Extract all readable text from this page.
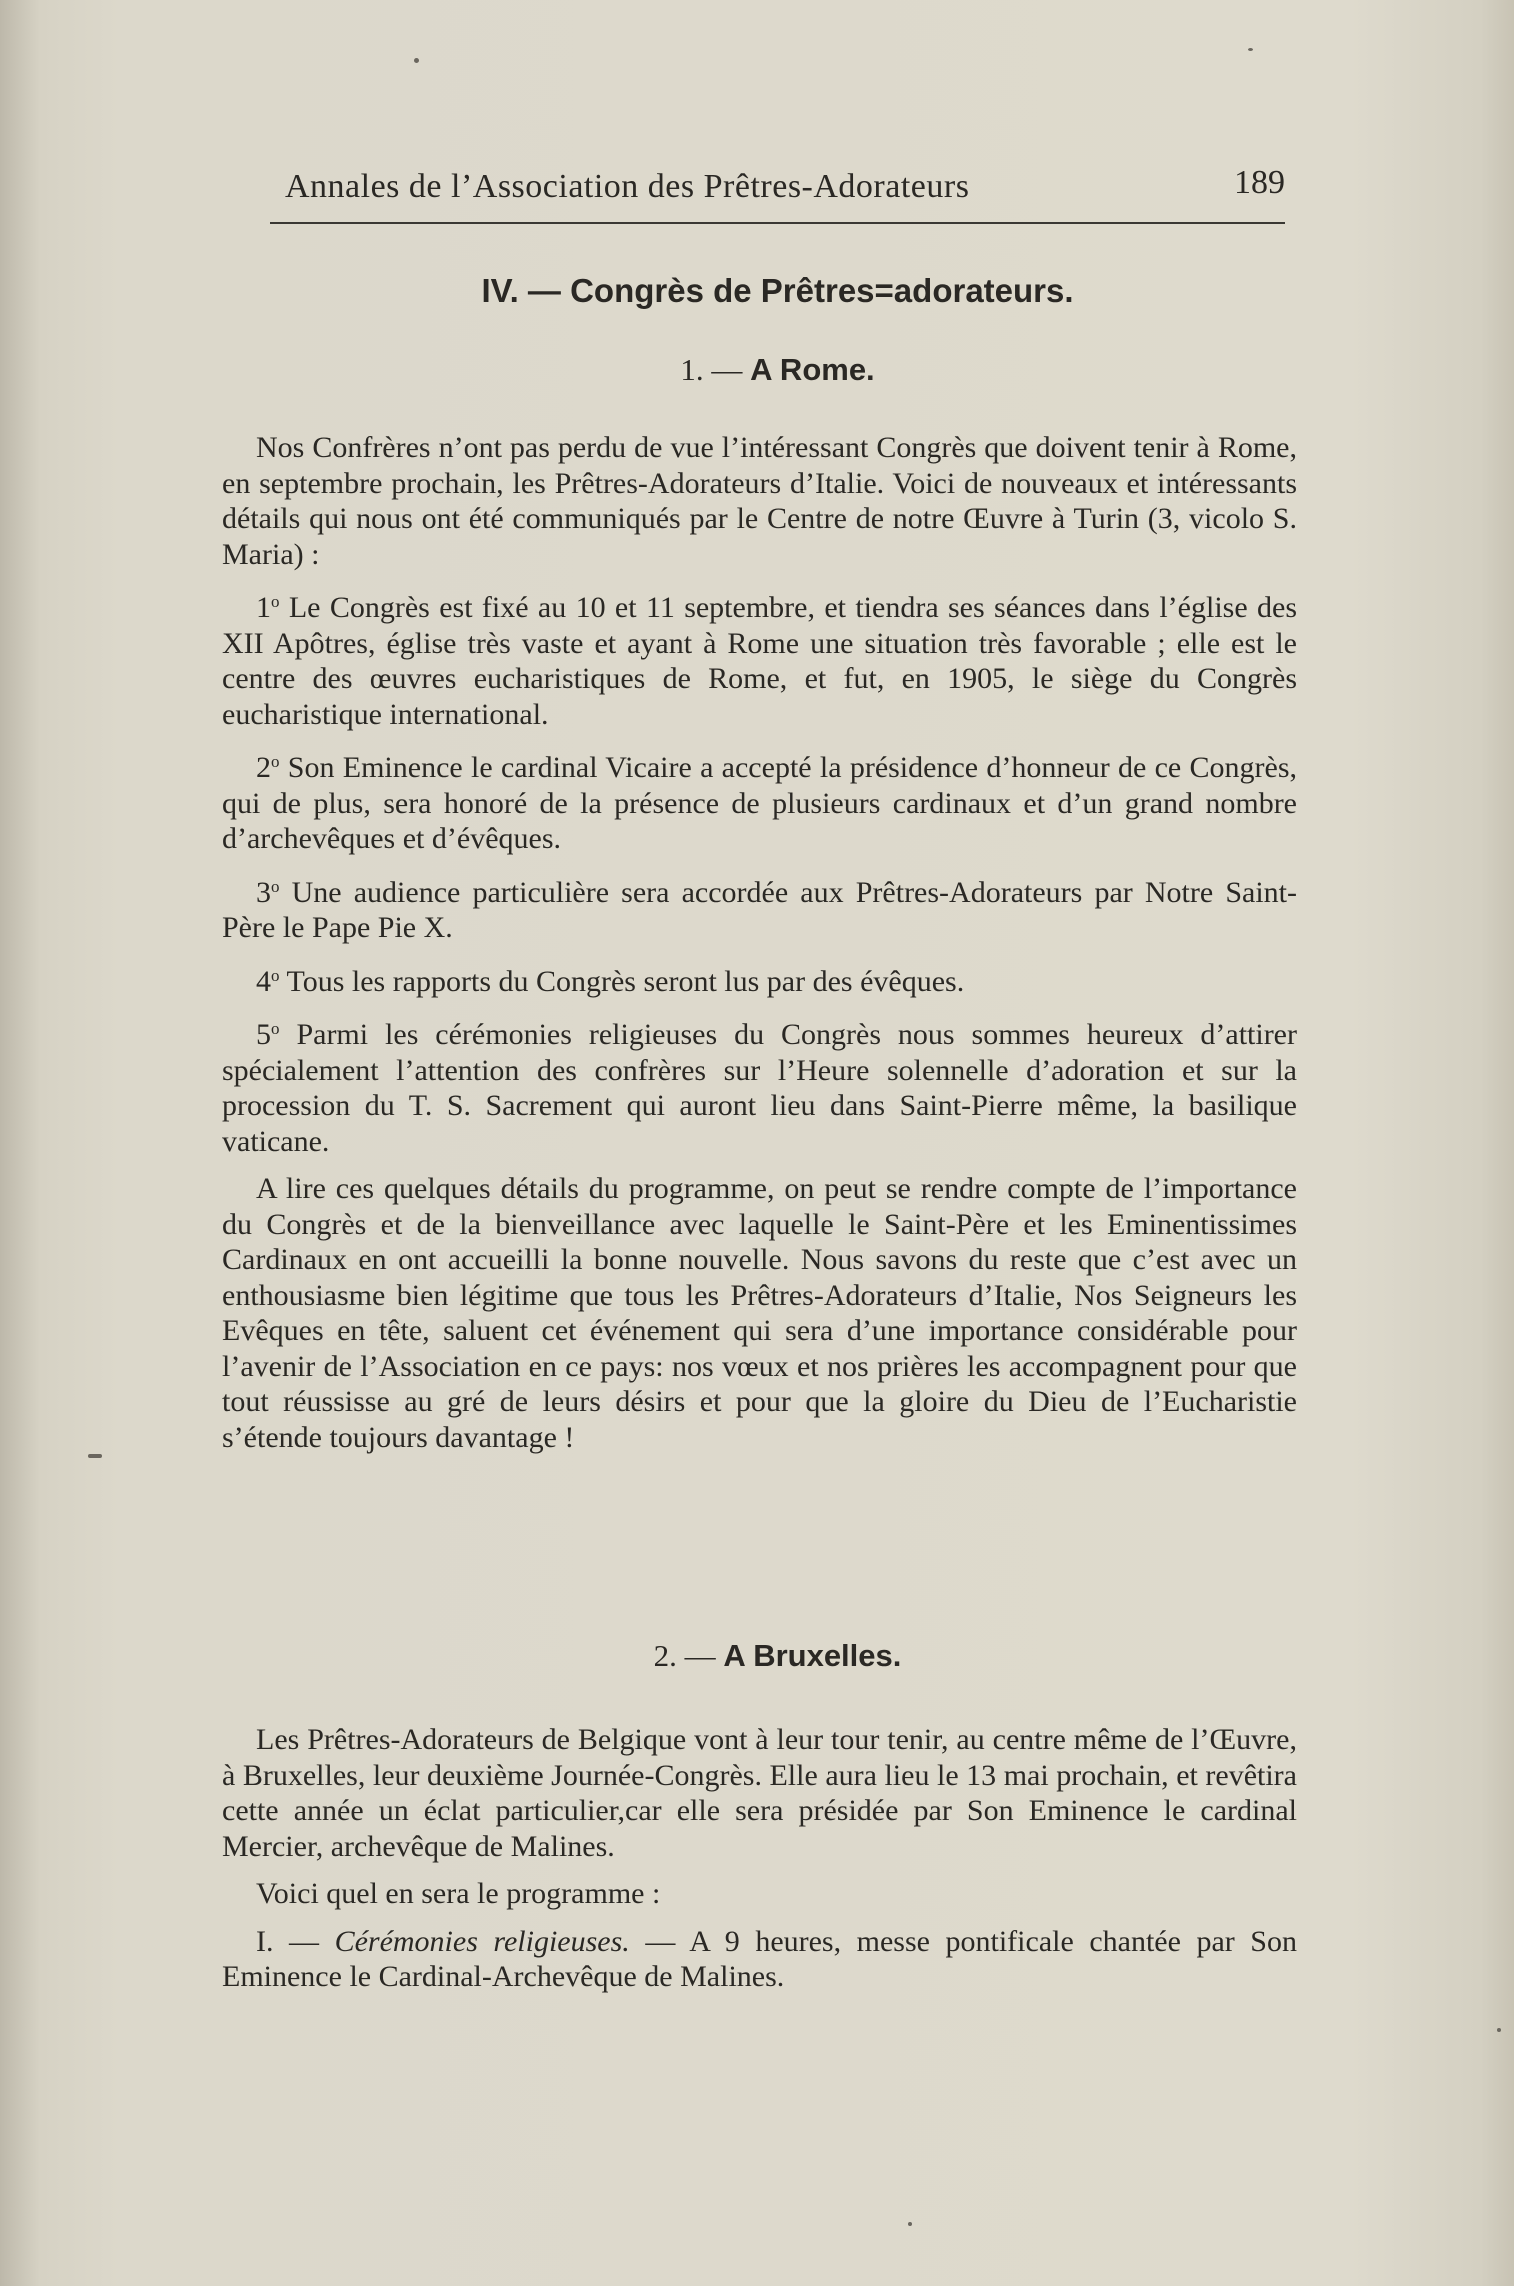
Annales de l’Association des Prêtres-Adorateurs	189
IV. — Congrès de Prêtres=adorateurs.
1. — A Rome.

Nos Confrères n’ont pas perdu de vue l’intéressant Congrès que doivent tenir à Rome, en septembre prochain, les Prêtres-Adorateurs d’Italie. Voici de nouveaux et intéressants détails qui nous ont été communiqués par le Centre de notre Œuvre à Turin (3, vicolo S. Maria) :

1$^o$ Le Congrès est fixé au 10 et 11 septembre, et tiendra ses séances dans l’église des XII Apôtres, église très vaste et ayant à Rome une situation très favorable ; elle est le centre des œuvres eucharistiques de Rome, et fut, en 1905, le siège du Congrès eucharistique international.

2$^o$ Son Eminence le cardinal Vicaire a accepté la présidence d’honneur de ce Congrès, qui de plus, sera honoré de la présence de plusieurs cardinaux et d’un grand nombre d’archevêques et d’évêques.

3$^o$ Une audience particulière sera accordée aux Prêtres-Adorateurs par Notre Saint-Père le Pape Pie X.

4$^o$ Tous les rapports du Congrès seront lus par des évêques.

5$^o$ Parmi les cérémonies religieuses du Congrès nous sommes heureux d’attirer spécialement l’attention des confrères sur l’Heure solennelle d’adoration et sur la procession du T. S. Sacrement qui auront lieu dans Saint-Pierre même, la basilique vaticane.

A lire ces quelques détails du programme, on peut se rendre compte de l’importance du Congrès et de la bienveillance avec laquelle le Saint-Père et les Eminentissimes Cardinaux en ont accueilli la bonne nouvelle. Nous savons du reste que c’est avec un enthousiasme bien légitime que tous les Prêtres-Adorateurs d’Italie, Nos Seigneurs les Evêques en tête, saluent cet événement qui sera d’une importance considérable pour l’avenir de l’Association en ce pays: nos vœux et nos prières les accompagnent pour que tout réussisse au gré de leurs désirs et pour que la gloire du Dieu de l’Eucharistie s’étende toujours davantage !

2. — A Bruxelles.

Les Prêtres-Adorateurs de Belgique vont à leur tour tenir, au centre même de l’Œuvre, à Bruxelles, leur deuxième Journée-Congrès. Elle aura lieu le 13 mai prochain, et revêtira cette année un éclat particulier,car elle sera présidée par Son Eminence le cardinal Mercier, archevêque de Malines.

Voici quel en sera le programme :

I. — Cérémonies religieuses. — A 9 heures, messe pontificale chantée par Son Eminence le Cardinal-Archevêque de Malines.
